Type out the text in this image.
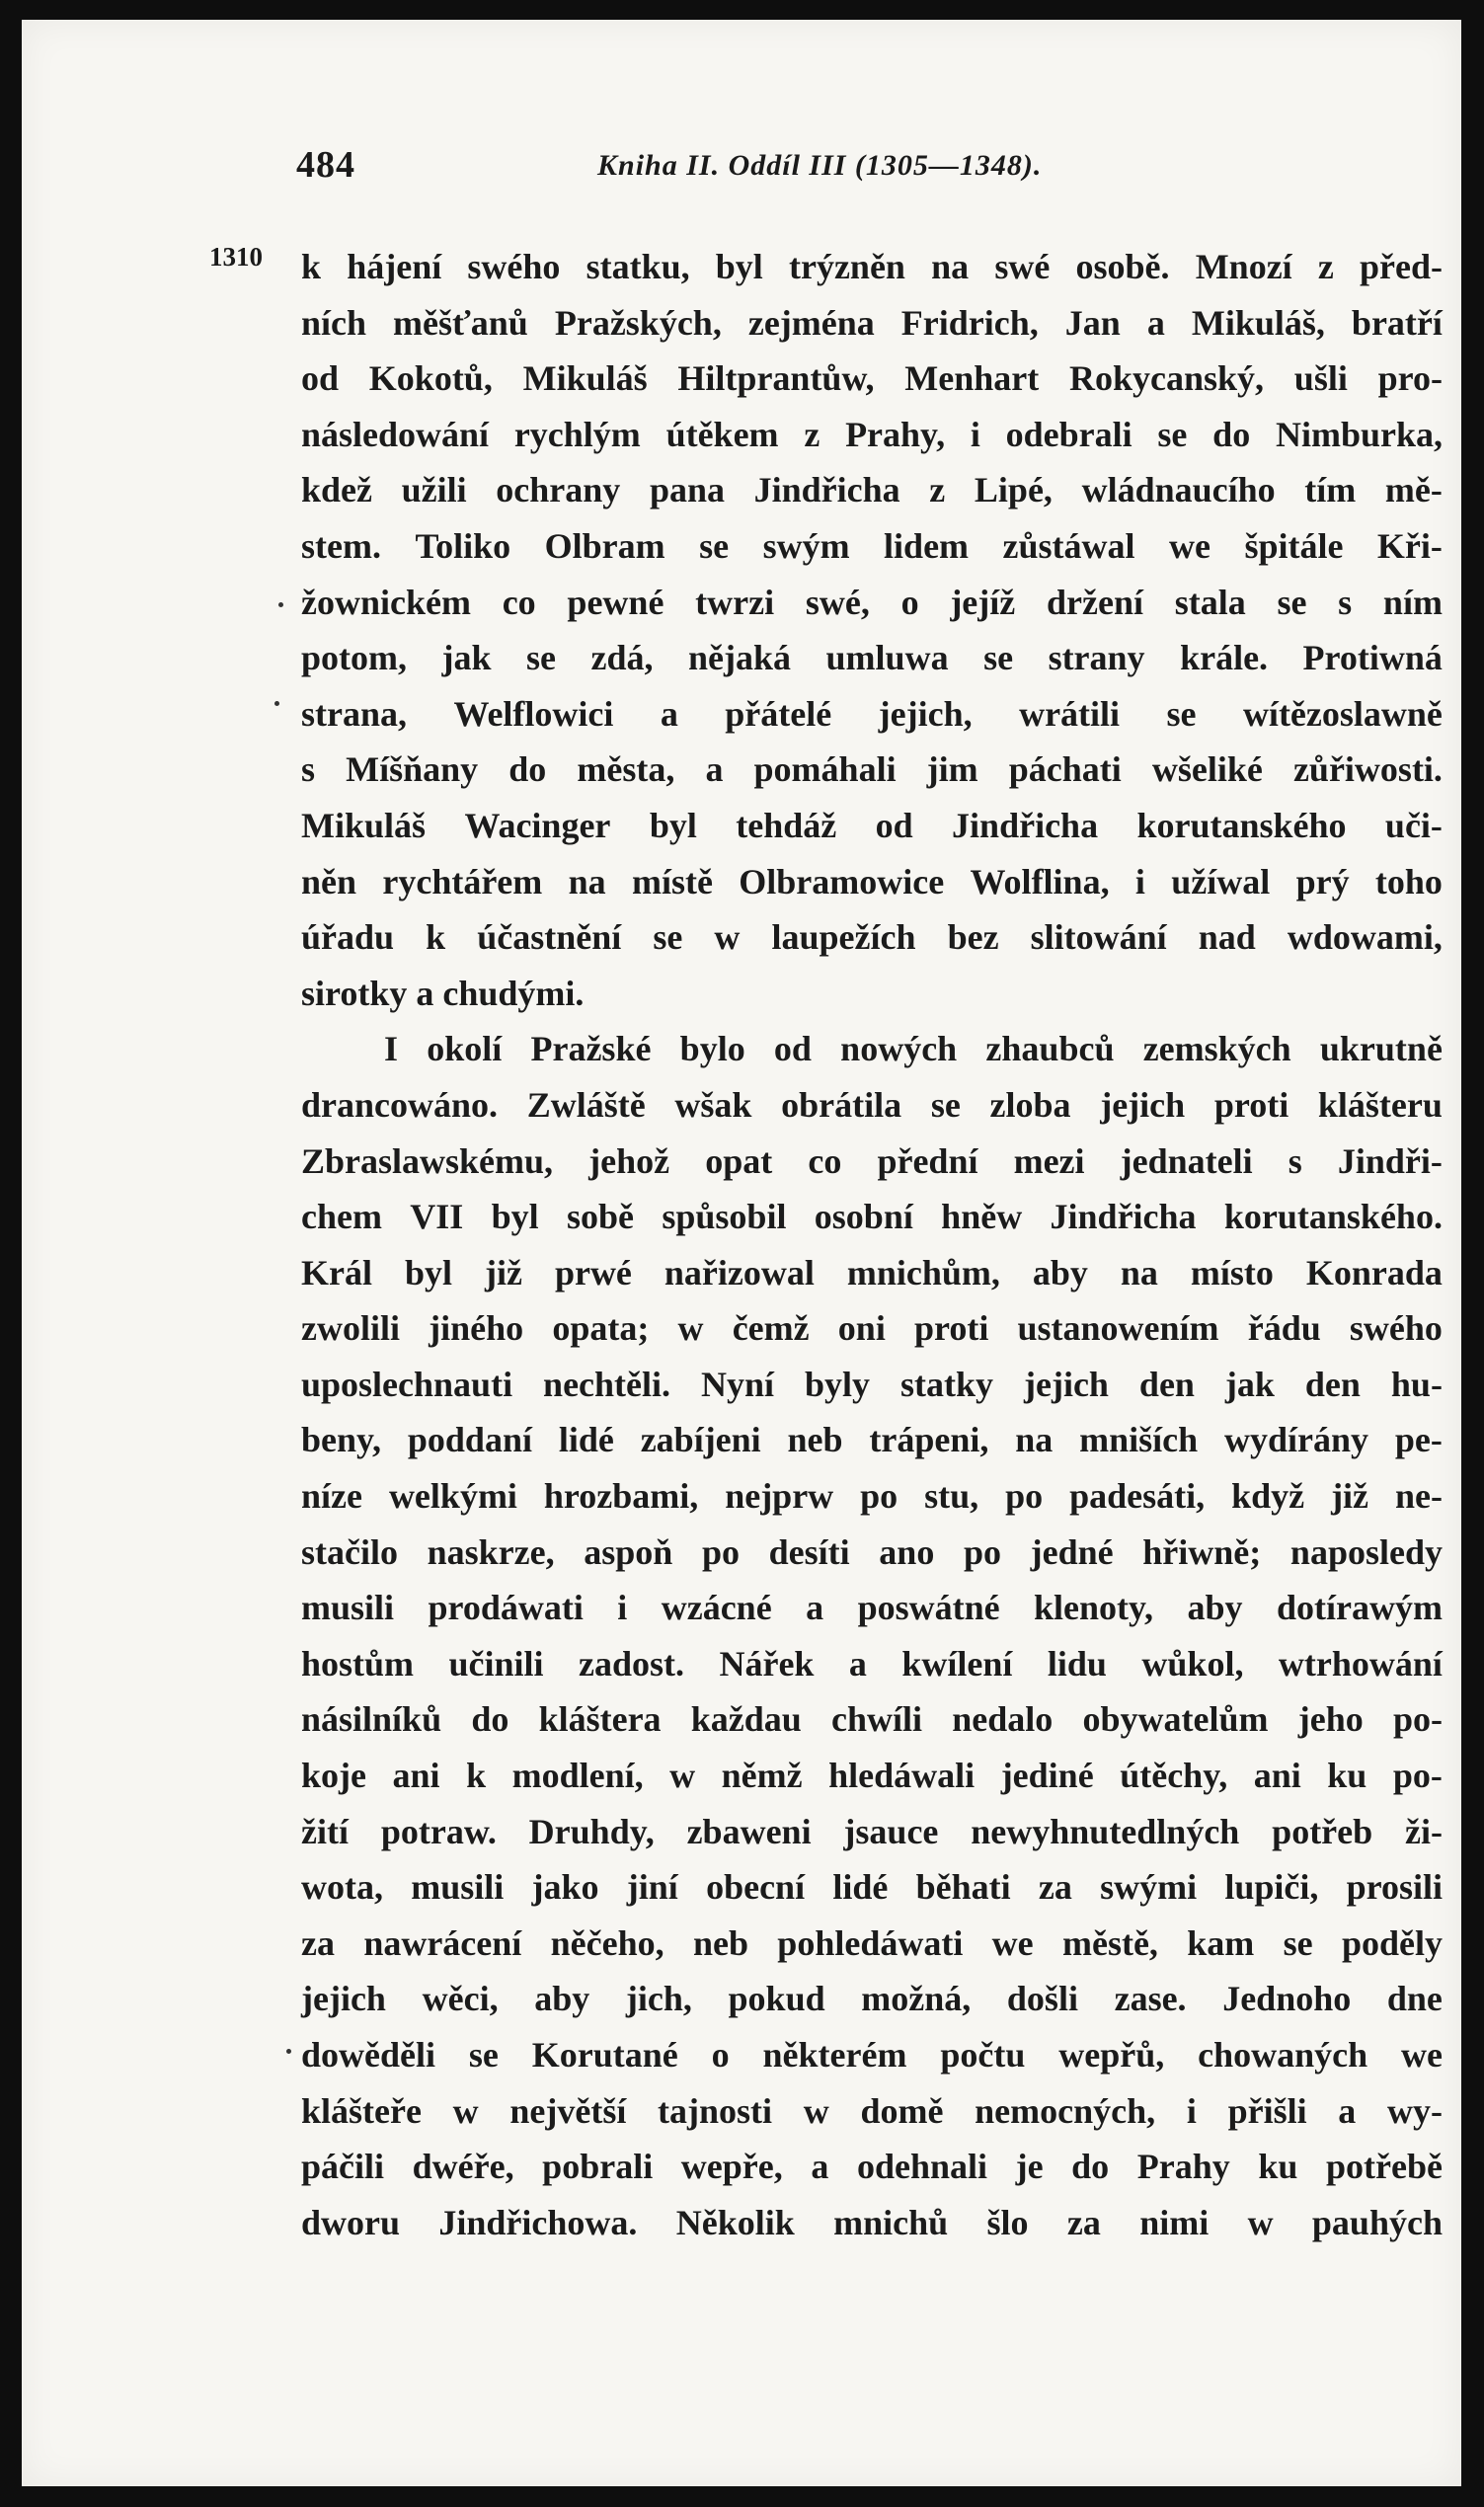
484	Kniha II. Oddíl III (1305—1348).
1310 k hájení swého statku, byl trýzněn na swé osobě. Mnozí z před-
ních měšťanů Pražských, zejména Fridrich, Jan a Mikuláš, bratří
od Kokotů, Mikuláš Hiltprantůw, Menhart Rokycanský, ušli pro-
následowání rychlým útěkem z Prahy, i odebrali se do Nimburka,
kdež užili ochrany pana Jindřicha z Lipé, wládnaucího tím mě-
stem. Toliko Olbram se swým lidem zůstáwal we špitále Kři-
žownickém co pewné twrzi swé, o jejíž držení stala se s ním
potom, jak se zdá, nějaká umluwa se strany krále. Protiwná
strana, Welflowici a přátelé jejich, wrátili se wítězoslawně
s Míšňany do města, a pomáhali jim páchati wšeliké zůřiwosti.
Mikuláš Wacinger byl tehdáž od Jindřicha korutanského uči-
něn rychtářem na místě Olbramowice Wolflina, i užíwal prý toho
úřadu k účastnění se w laupežích bez slitowání nad wdowami,
sirotky a chudými.
I okolí Pražské bylo od nowých zhaubců zemských ukrutně
drancowáno. Zwláště wšak obrátila se zloba jejich proti klášteru
Zbraslawskému, jehož opat co přední mezi jednateli s Jindři-
chem VII byl sobě spůsobil osobní hněw Jindřicha korutanského.
Král byl již prwé nařizowal mnichům, aby na místo Konrada
zwolili jiného opata; w čemž oni proti ustanowením řádu swého
uposlechnauti nechtěli. Nyní byly statky jejich den jak den hu-
beny, poddaní lidé zabíjeni neb trápeni, na mniších wydírány pe-
níze welkými hrozbami, nejprw po stu, po padesáti, když již ne-
stačilo naskrze, aspoň po desíti ano po jedné hřiwně; naposledy
musili prodáwati i wzácné a poswátné klenoty, aby dotírawým
hostům učinili zadost. Nářek a kwílení lidu wůkol, wtrhowání
násilníků do kláštera každau chwíli nedalo obywatelům jeho po-
koje ani k modlení, w němž hledáwali jediné útěchy, ani ku po-
žití potraw. Druhdy, zbaweni jsauce newyhnutedlných potřeb ži-
wota, musili jako jiní obecní lidé běhati za swými lupiči, prosili
za nawrácení něčeho, neb pohledáwati we městě, kam se poděly
jejich wěci, aby jich, pokud možná, došli zase. Jednoho dne
dowěděli se Korutané o některém počtu wepřů, chowaných we
klášteře w největší tajnosti w domě nemocných, i přišli a wy-
páčili dwéře, pobrali wepře, a odehnali je do Prahy ku potřebě
dworu Jindřichowa. Několik mnichů šlo za nimi w pauhých
